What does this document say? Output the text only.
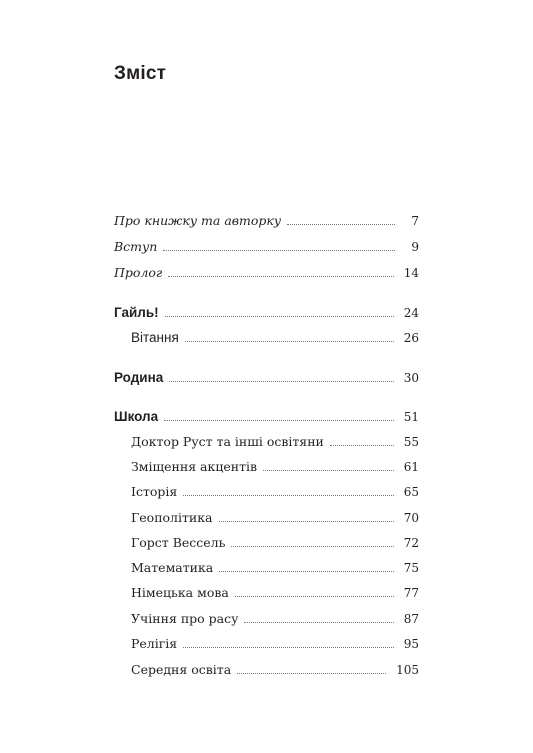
Зміст
Про книжку та авторку	7
Вступ	9
Пролог	14
Гайль!	24
Вітання	26
Родина	30
Школа	51
Доктор Руст та інші освітяни	55
Зміщення акцентів	61
Історія	65
Геополітика	70
Горст Вессель	72
Математика	75
Німецька мова	77
Учіння про расу	87
Релігія	95
Середня освіта	105
